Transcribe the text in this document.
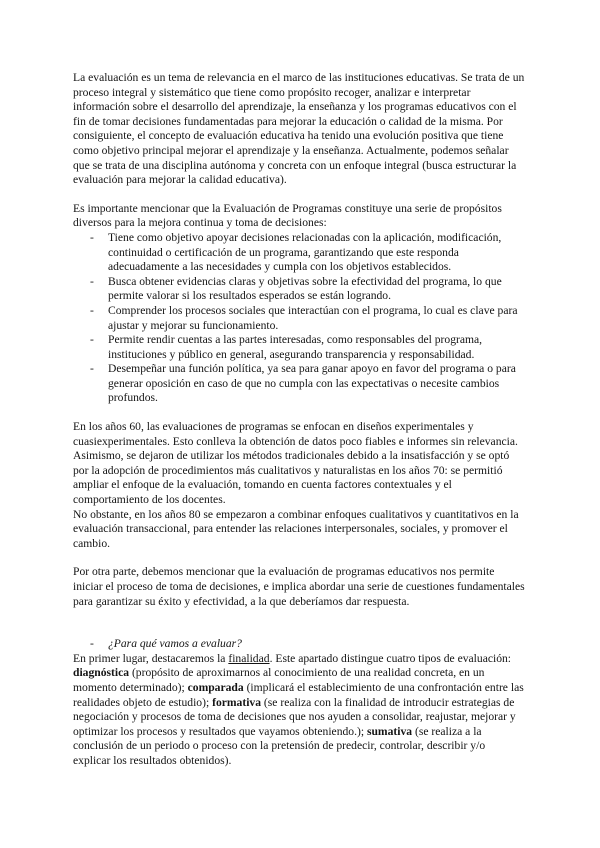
La evaluación es un tema de relevancia en el marco de las instituciones educativas. Se trata de un proceso integral y sistemático que tiene como propósito recoger, analizar e interpretar información sobre el desarrollo del aprendizaje, la enseñanza y los programas educativos con el fin de tomar decisiones fundamentadas para mejorar la educación o calidad de la misma. Por consiguiente, el concepto de evaluación educativa ha tenido una evolución positiva que tiene como objetivo principal mejorar el aprendizaje y la enseñanza. Actualmente, podemos señalar que se trata de una disciplina autónoma y concreta con un enfoque integral (busca estructurar la evaluación para mejorar la calidad educativa).

Es importante mencionar que la Evaluación de Programas constituye una serie de propósitos diversos para la mejora continua y toma de decisiones:

- Tiene como objetivo apoyar decisiones relacionadas con la aplicación, modificación, continuidad o certificación de un programa, garantizando que este responda adecuadamente a las necesidades y cumpla con los objetivos establecidos.
- Busca obtener evidencias claras y objetivas sobre la efectividad del programa, lo que permite valorar si los resultados esperados se están logrando.
- Comprender los procesos sociales que interactúan con el programa, lo cual es clave para ajustar y mejorar su funcionamiento.
- Permite rendir cuentas a las partes interesadas, como responsables del programa, instituciones y público en general, asegurando transparencia y responsabilidad.
- Desempeñar una función política, ya sea para ganar apoyo en favor del programa o para generar oposición en caso de que no cumpla con las expectativas o necesite cambios profundos.

En los años 60, las evaluaciones de programas se enfocan en diseños experimentales y cuasiexperimentales. Esto conlleva la obtención de datos poco fiables e informes sin relevancia. Asimismo, se dejaron de utilizar los métodos tradicionales debido a la insatisfacción y se optó por la adopción de procedimientos más cualitativos y naturalistas en los años 70: se permitió ampliar el enfoque de la evaluación, tomando en cuenta factores contextuales y el comportamiento de los docentes.

No obstante, en los años 80 se empezaron a combinar enfoques cualitativos y cuantitativos en la evaluación transaccional, para entender las relaciones interpersonales, sociales, y promover el cambio.

Por otra parte, debemos mencionar que la evaluación de programas educativos nos permite iniciar el proceso de toma de decisiones, e implica abordar una serie de cuestiones fundamentales para garantizar su éxito y efectividad, a la que deberíamos dar respuesta.

- ¿Para qué vamos a evaluar?

En primer lugar, destacaremos la finalidad. Este apartado distingue cuatro tipos de evaluación: diagnóstica (propósito de aproximarnos al conocimiento de una realidad concreta, en un momento determinado); comparada (implicará el establecimiento de una confrontación entre las realidades objeto de estudio); formativa (se realiza con la finalidad de introducir estrategias de negociación y procesos de toma de decisiones que nos ayuden a consolidar, reajustar, mejorar y optimizar los procesos y resultados que vayamos obteniendo.); sumativa (se realiza a la conclusión de un periodo o proceso con la pretensión de predecir, controlar, describir y/o explicar los resultados obtenidos).
